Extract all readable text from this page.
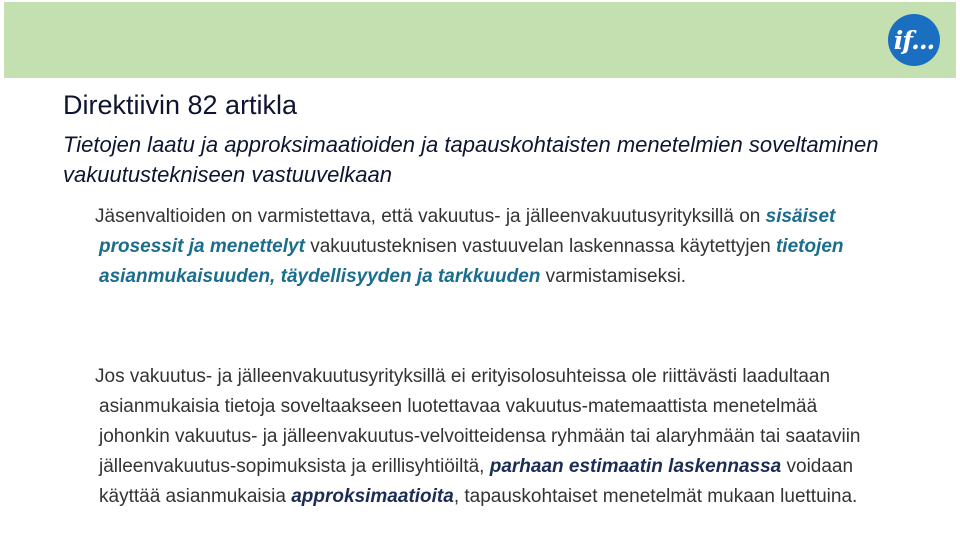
if...
Direktiivin 82 artikla

Tietojen laatu ja approksimaatioiden ja tapauskohtaisten menetelmien soveltaminen vakuutustekniseen vastuuvelkaan

Jäsenvaltioiden on varmistettava, että vakuutus- ja jälleenvakuutusyrityksillä on sisäiset prosessit ja menettelyt vakuutusteknisen vastuuvelan laskennassa käytettyjen tietojen asianmukaisuuden, täydellisyyden ja tarkkuuden varmistamiseksi.

Jos vakuutus- ja jälleenvakuutusyrityksillä ei erityisolosuhteissa ole riittävästi laadultaan asianmukaisia tietoja soveltaakseen luotettavaa vakuutus-matemaattista menetelmää johonkin vakuutus- ja jälleenvakuutus-velvoitteidensa ryhmään tai alaryhmään tai saataviin jälleenvakuutus-sopimuksista ja erillisyhtiöiltä, parhaan estimaatin laskennassa voidaan käyttää asianmukaisia approksimaatioita, tapauskohtaiset menetelmät mukaan luettuina.
